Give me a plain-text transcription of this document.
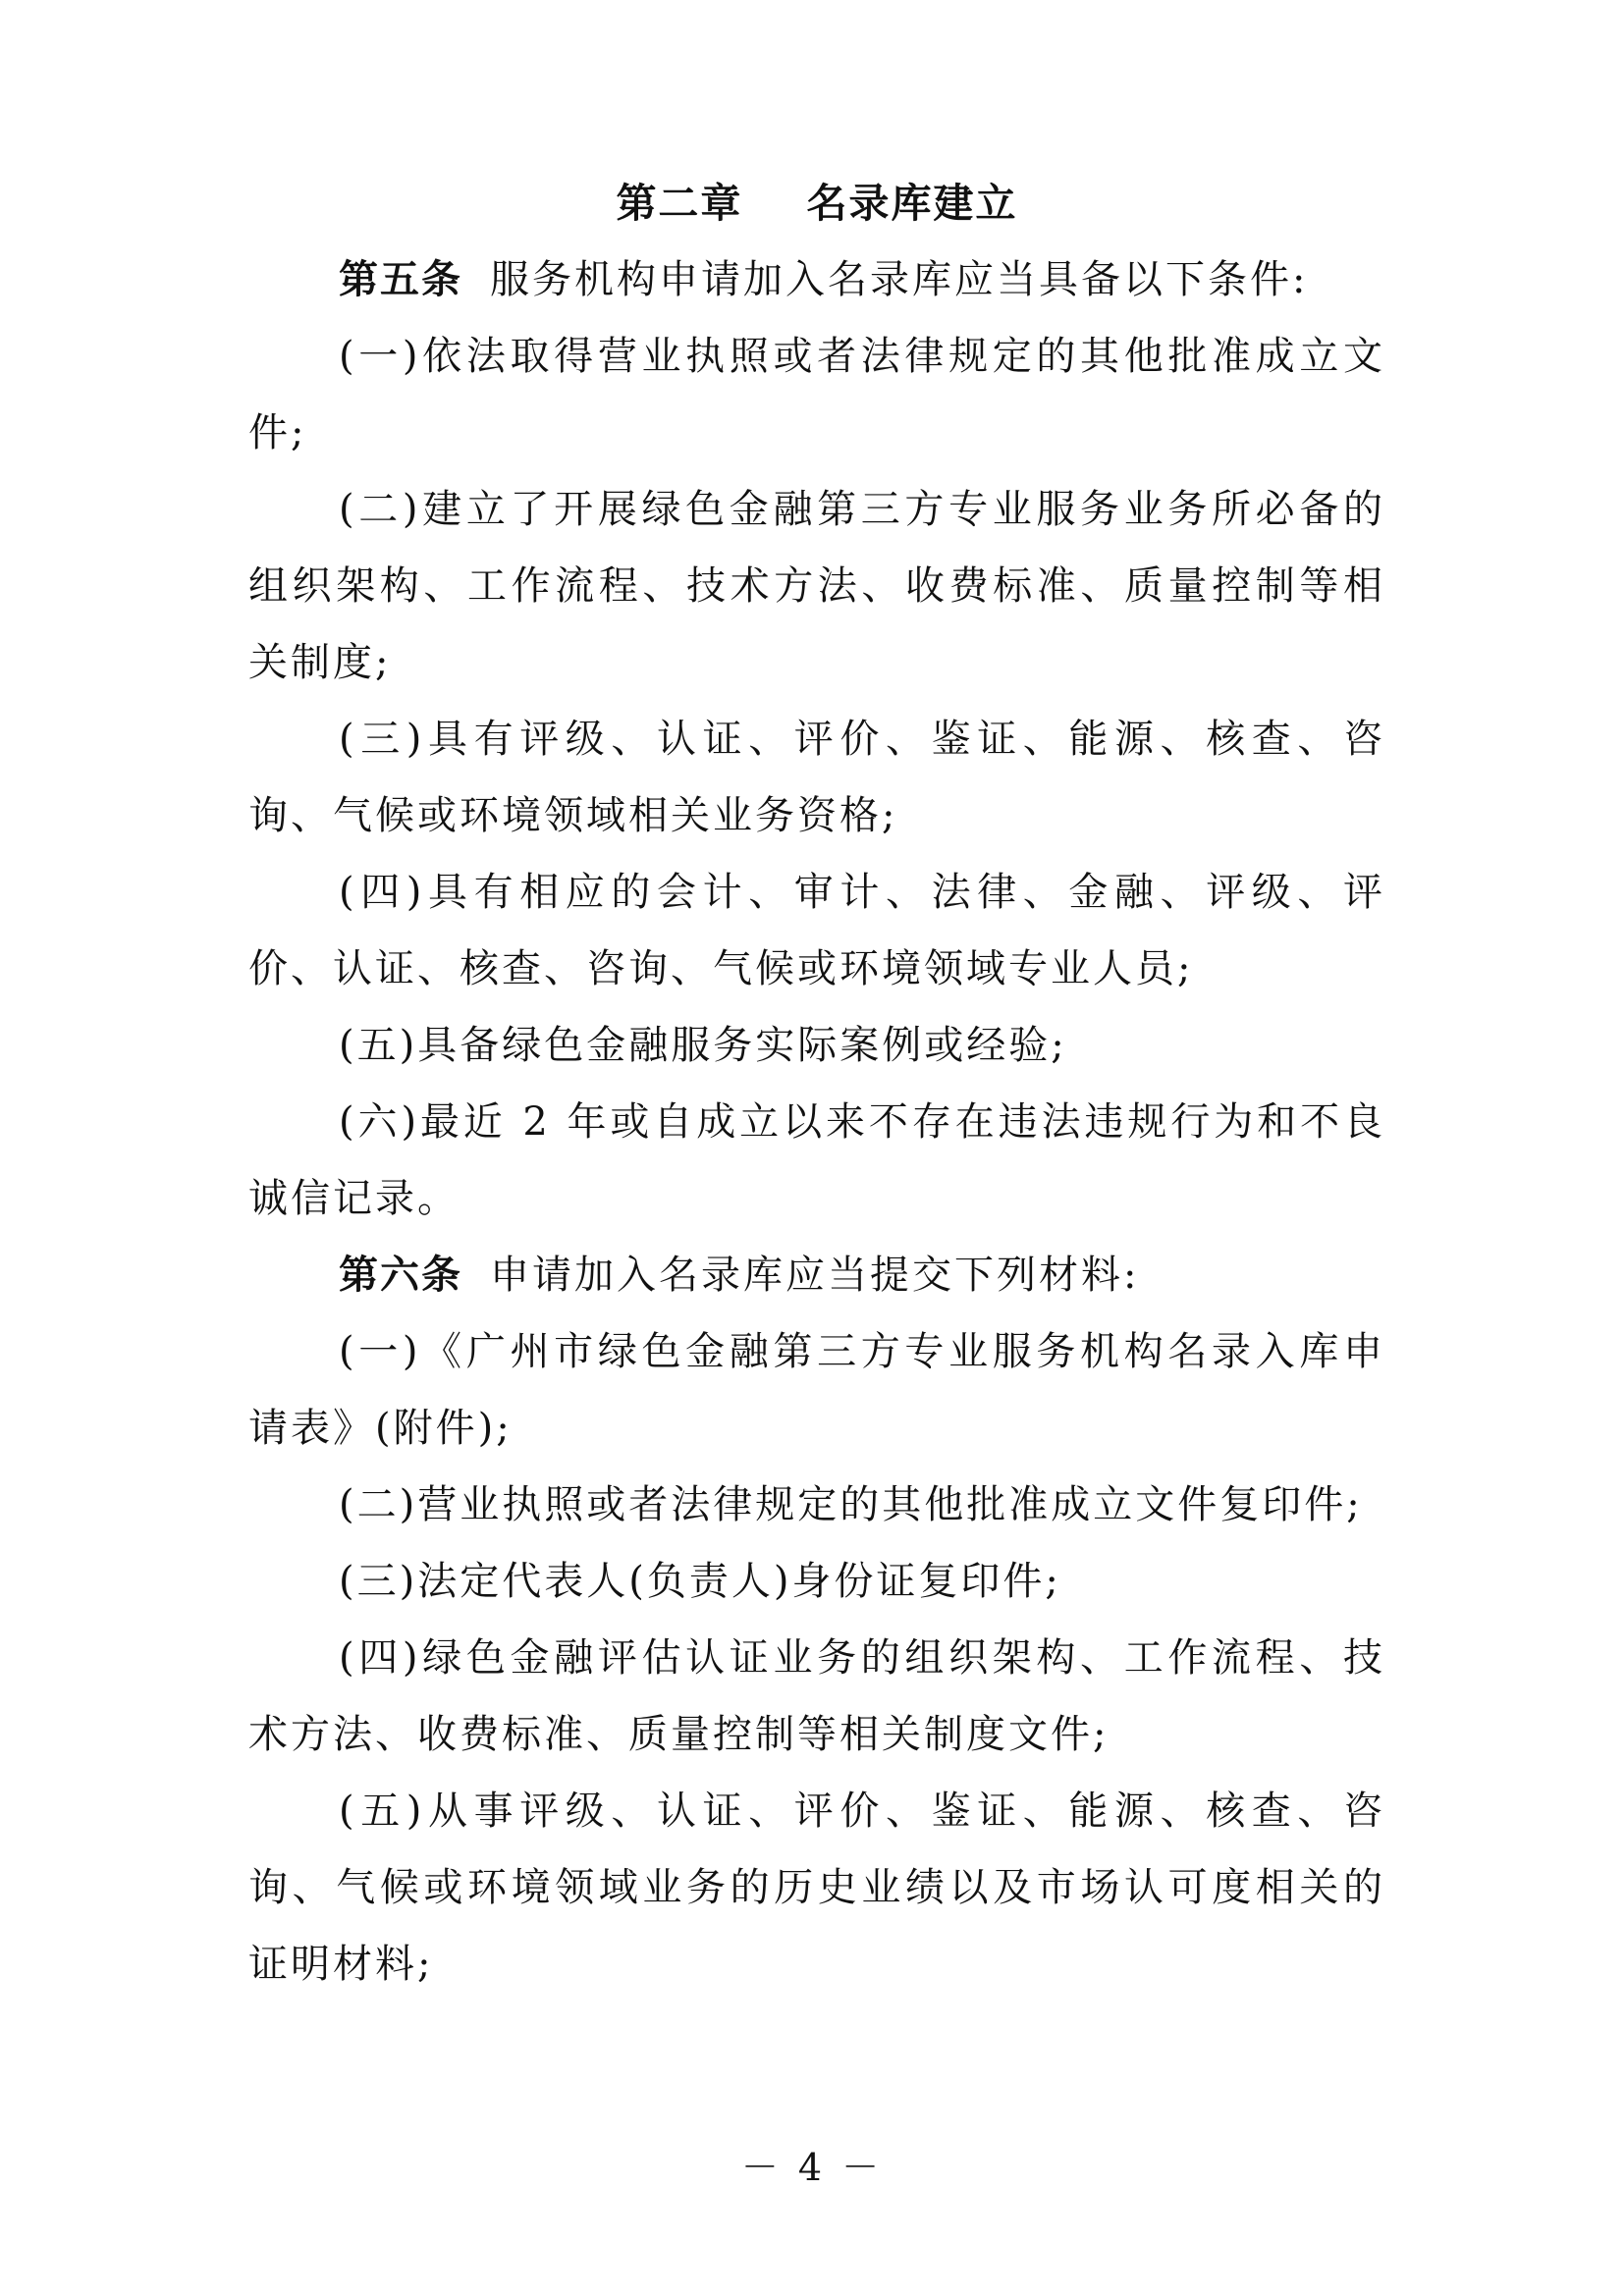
第二章    名录库建立

第五条 服务机构申请加入名录库应当具备以下条件:

(一)依法取得营业执照或者法律规定的其他批准成立文件;

(二)建立了开展绿色金融第三方专业服务业务所必备的组织架构、工作流程、技术方法、收费标准、质量控制等相关制度;

(三)具有评级、认证、评价、鉴证、能源、核查、咨询、气候或环境领域相关业务资格;

(四)具有相应的会计、审计、法律、金融、评级、评价、认证、核查、咨询、气候或环境领域专业人员;

(五)具备绿色金融服务实际案例或经验;

(六)最近 2 年或自成立以来不存在违法违规行为和不良诚信记录。

第六条 申请加入名录库应当提交下列材料:

(一)《广州市绿色金融第三方专业服务机构名录入库申请表》(附件);

(二)营业执照或者法律规定的其他批准成立文件复印件;

(三)法定代表人(负责人)身份证复印件;

(四)绿色金融评估认证业务的组织架构、工作流程、技术方法、收费标准、质量控制等相关制度文件;

(五)从事评级、认证、评价、鉴证、能源、核查、咨询、气候或环境领域业务的历史业绩以及市场认可度相关的证明材料;

－ 4 －
